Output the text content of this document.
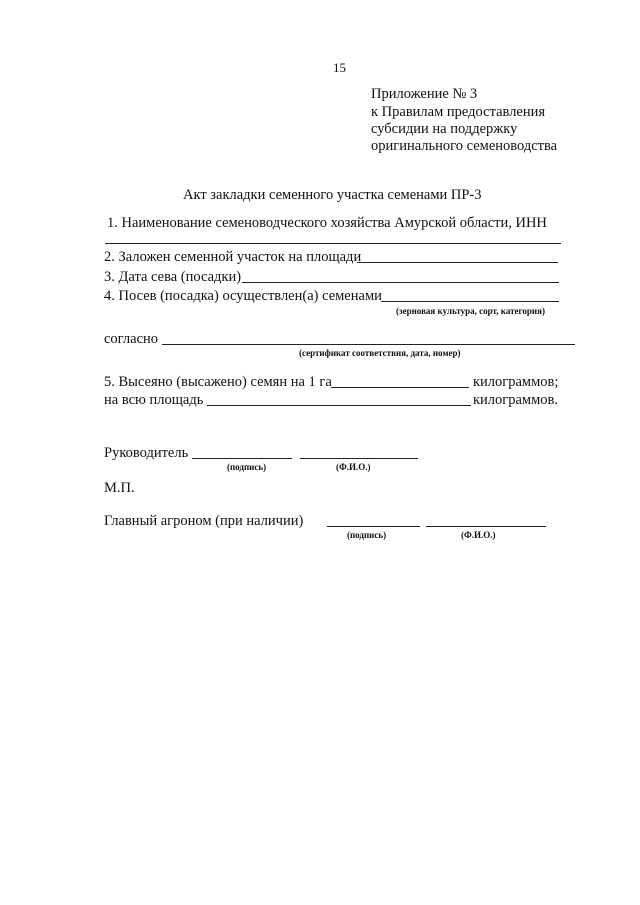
15
Приложение № 3
к Правилам предоставления
субсидии на поддержку
оригинального семеноводства
Акт закладки семенного участка семенами ПР-3
1. Наименование семеноводческого хозяйства Амурской области, ИНН
2. Заложен семенной участок на площади
3. Дата сева (посадки)
4. Посев (посадка) осуществлен(а) семенами
(зерновая культура, сорт, категория)
согласно
(сертификат соответствия, дата, номер)
5. Высеяно (высажено) семян на 1 га	килограммов;
на всю площадь	килограммов.
Руководитель
(подпись)	(Ф.И.О.)
М.П.
Главный агроном (при наличии)
(подпись)	(Ф.И.О.)
